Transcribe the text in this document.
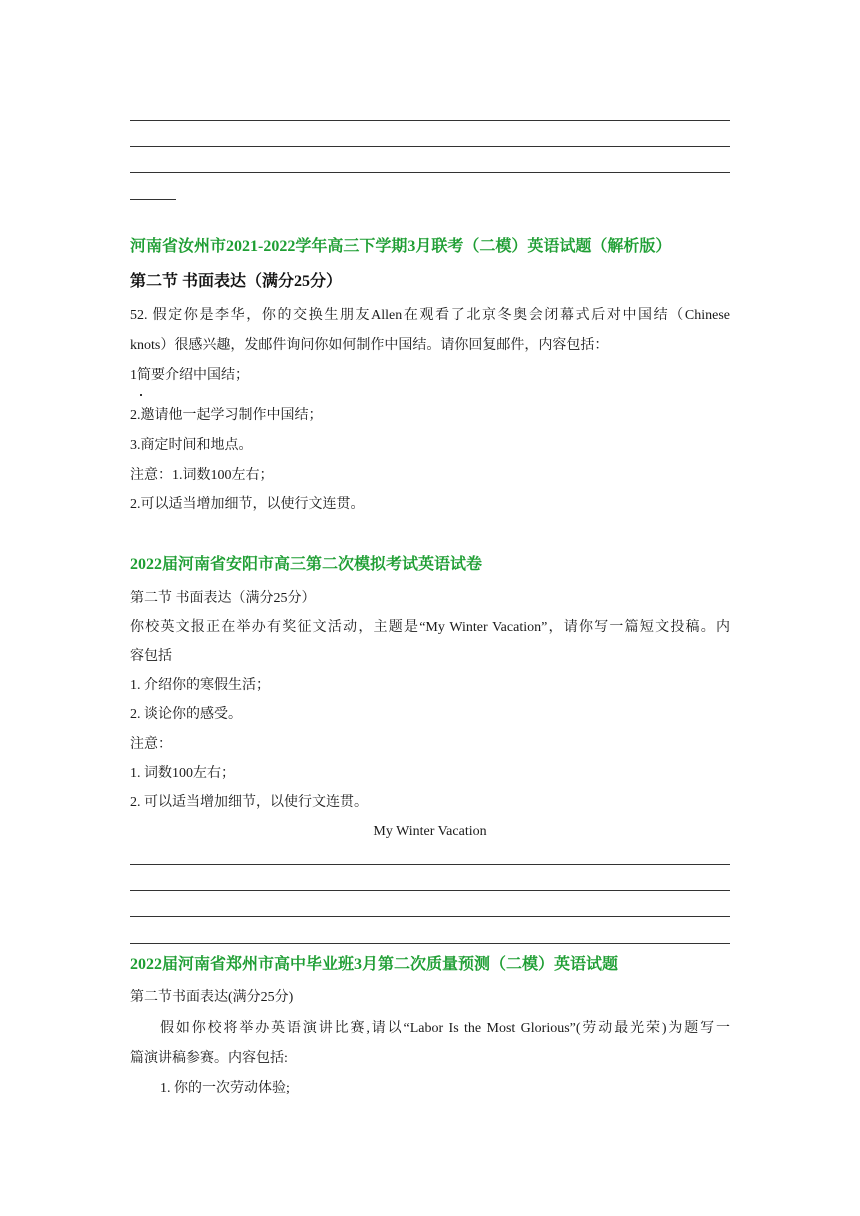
河南省汝州市2021-2022学年高三下学期3月联考（二模）英语试题（解析版）
第二节 书面表达（满分25分）
52. 假定你是李华，你的交换生朋友Allen在观看了北京冬奥会闭幕式后对中国结（Chinese
knots）很感兴趣，发邮件询问你如何制作中国结。请你回复邮件，内容包括：
1简要介绍中国结；
2.邀请他一起学习制作中国结；
3.商定时间和地点。
注意：1.词数100左右；
2.可以适当增加细节，以使行文连贯。
2022届河南省安阳市高三第二次模拟考试英语试卷
第二节 书面表达（满分25分）
你校英文报正在举办有奖征文活动，主题是“My Winter Vacation”，请你写一篇短文投稿。内
容包括
1. 介绍你的寒假生活；
2. 谈论你的感受。
注意：
1. 词数100左右；
2. 可以适当增加细节，以使行文连贯。
My Winter Vacation
2022届河南省郑州市高中毕业班3月第二次质量预测（二模）英语试题
第二节书面表达(满分25分)
假如你校将举办英语演讲比赛,请以“Labor Is the Most Glorious”(劳动最光荣)为题写一
篇演讲稿参赛。内容包括:
1. 你的一次劳动体验;
